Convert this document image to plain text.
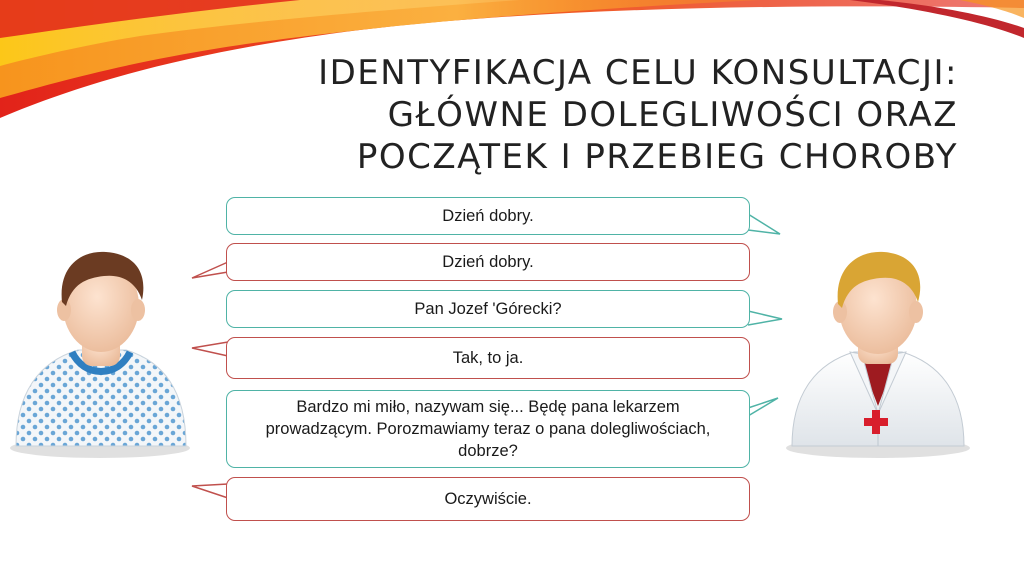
IDENTYFIKACJA CELU KONSULTACJI:
GŁÓWNE DOLEGLIWOŚCI ORAZ
POCZĄTEK I PRZEBIEG CHOROBY
Dzień dobry.
Dzień dobry.
Pan Jozef 'Górecki?
Tak, to ja.
Bardzo mi miło, nazywam się... Będę pana lekarzem prowadzącym. Porozmawiamy teraz o pana dolegliwościach, dobrze?
Oczywiście.
